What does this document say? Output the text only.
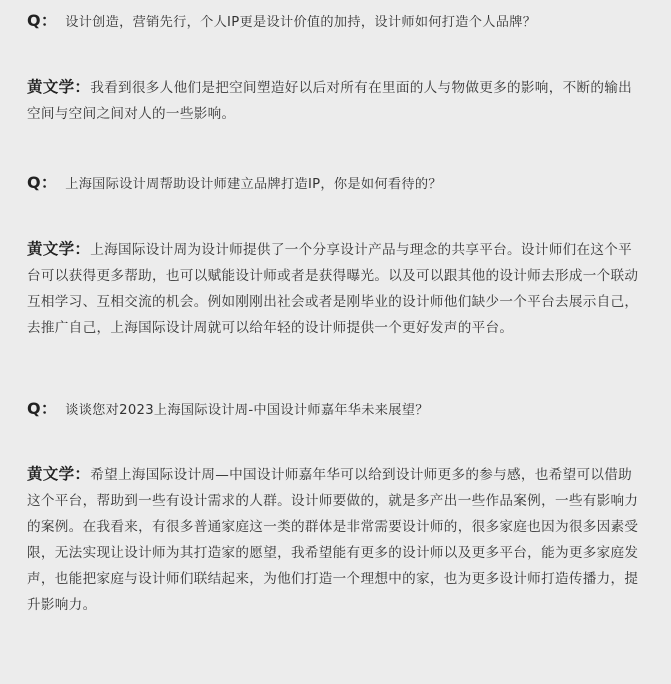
Q： 设计创造，营销先行，个人IP更是设计价值的加持，设计师如何打造个人品牌？
黄文学：我看到很多人他们是把空间塑造好以后对所有在里面的人与物做更多的影响，不断的输出空间与空间之间对人的一些影响。
Q： 上海国际设计周帮助设计师建立品牌打造IP，你是如何看待的？
黄文学：上海国际设计周为设计师提供了一个分享设计产品与理念的共享平台。设计师们在这个平台可以获得更多帮助，也可以赋能设计师或者是获得曝光。以及可以跟其他的设计师去形成一个联动互相学习、互相交流的机会。例如刚刚出社会或者是刚毕业的设计师他们缺少一个平台去展示自己，去推广自己，上海国际设计周就可以给年轻的设计师提供一个更好发声的平台。
Q： 谈谈您对2023上海国际设计周-中国设计师嘉年华未来展望？
黄文学：希望上海国际设计周—中国设计师嘉年华可以给到设计师更多的参与感，也希望可以借助这个平台，帮助到一些有设计需求的人群。设计师要做的，就是多产出一些作品案例，一些有影响力的案例。在我看来，有很多普通家庭这一类的群体是非常需要设计师的，很多家庭也因为很多因素受限，无法实现让设计师为其打造家的愿望，我希望能有更多的设计师以及更多平台，能为更多家庭发声，也能把家庭与设计师们联结起来，为他们打造一个理想中的家，也为更多设计师打造传播力，提升影响力。
